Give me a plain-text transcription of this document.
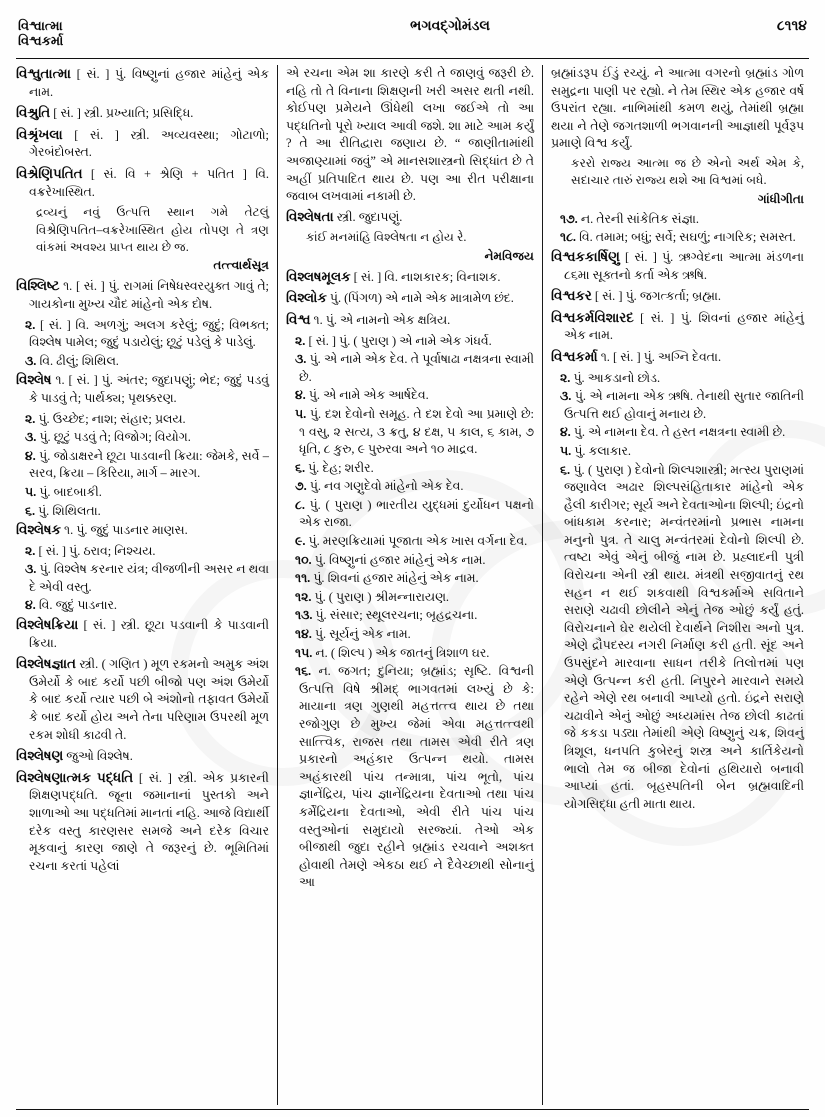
વિશ્વાત્મા
વિશ્વકર્મા
ભગવદ્ગોમંડલ	૮૧૧૪

વિશ્વુતાત્મા [ સં. ] પું. વિષ્ણુનાં હજાર માંહેનું એક નામ.

વિશ્રુતિ [ સં. ] સ્ત્રી. પ્રખ્યાતિ; પ્રસિદ્ધિ.

વિશ્રૃંખલા [ સં. ] સ્ત્રી. અવ્યવસ્થા; ગોટાળો; ગેરબંદોબસ્ત.

વિશ્રેણિપતિત [ સં. વિ + શ્રેણિ + પતિત ] વિ. વક્રરેખાસ્થિત.

દ્રવ્યનું નવું ઉત્પત્તિ સ્થાન ગમે તેટલું વિશ્રેણિપતિત–વક્રરેખાસ્થિત હોય તોપણ તે ત્રણ વાંકમાં અવશ્ય પ્રાપ્ત થાય છે જ.

તત્ત્વાર્થસૂત્ર

વિશ્લિષ્ટ ૧. [ સં. ] પું. રાગમાં નિષેધસ્વરયુક્ત ગાવું તે; ગાયકોના મુખ્ય ચૌદ માંહેનો એક દોષ.

૨. [ સં. ] વિ. અળગું; અલગ કરેલું; જુદું; વિભક્ત; વિશ્લેષ પામેલ; જુદું પડાયેલું; છૂટું પડેલું કે પાડેલું.

૩. વિ. ઢીલું; શિથિલ.

વિશ્લેષ ૧. [ સં. ] પું. અંતર; જુદાપણું; ભેદ; જુદું પડવું કે પાડવું તે; પાર્થક્ય; પૃથક્કરણ.

૨. પું. ઉચ્છેદ; નાશ; સંહાર; પ્રલય.

૩. પું. છૂટું પડવું તે; વિજોગ; વિયોગ.

૪. પું. જોડાક્ષરને છૂટા પાડવાની ક્રિયા: જેમકે, સર્વે – સરવ, ક્રિયા – કિરિયા, માર્ગ – મારગ.

૫. પું. બાદબાકી.

૬. પું. શિથિલતા.

વિશ્લેષક ૧. પું. જુદું પાડનાર માણસ.

૨. [ સં. ] પું. ઠરાવ; નિશ્ચય.

૩. પું. વિશ્લેષ કરનાર યંત્ર; વીજળીની અસર ન થવા દે એવી વસ્તુ.

૪. વિ. જુદું પાડનાર.

વિશ્લેષક્રિયા [ સં. ] સ્ત્રી. છૂટા પડવાની કે પાડવાની ક્રિયા.

વિશ્લેષજ્ઞાત સ્ત્રી. ( ગણિત ) મૂળ રકમનો અમુક અંશ ઉમેર્યો કે બાદ કર્યો પછી બીજો પણ અંશ ઉમેર્યો કે બાદ કર્યો ત્યાર પછી બે અંશોનો તફાવત ઉમેર્યો કે બાદ કર્યો હોય અને તેના પરિણામ ઉપરથી મૂળ રકમ શોધી કાઢવી તે.

વિશ્લેષણ જુઓ વિશ્લેષ.

વિશ્લેષણાત્મક પદ્ધતિ [ સં. ] સ્ત્રી. એક પ્રકારની શિક્ષણપદ્ધતિ. જૂના જમાનાનાં પુસ્તકો અને શાળાઓ આ પદ્ધતિમાં માનતાં નહિ. આજે વિદ્યાર્થી દરેક વસ્તુ કારણસર સમજે અને દરેક વિચાર મૂકવાનું કારણ જાણે તે જરૂરનું છે. ભૂમિતિમાં રચના કરતાં પહેલાં

એ રચના એમ શા કારણે કરી તે જાણવું જરૂરી છે. નહિ તો તે વિનાના શિક્ષણની ખરી અસર થતી નથી. કોઈપણ પ્રમેયને ઊંધેથી લખા જઈએ તો આ પદ્ધતિનો પૂરો ખ્યાલ આવી જશે. શા માટે આમ કર્યું ? તે આ રીતિદ્વારા જણાય છે. “ જાણીતામાંથી અજાણ્યામાં જવું” એ માનસશાસ્ત્રનો સિદ્ધાંત છે તે અહીં પ્રતિપાદિત થાય છે. પણ આ રીત પરીક્ષાના જવાબ લખવામાં નકામી છે.

વિશ્લેષતા સ્ત્રી. જુદાપણું.

કાંઈ મનમાંહિ વિશ્લેષતા ન હોય રે.

નેમવિજય

વિશ્લષમૂલક [ સં. ] વિ. નાશકારક; વિનાશક.

વિશ્લોક પું. (પિંગળ) એ નામે એક માત્રામેળ છંદ.

વિશ્વ ૧. પું. એ નામનો એક ક્ષત્રિય.

૨. [ સં. ] પું. ( પુરાણ ) એ નામે એક ગંધર્વ.

૩. પું. એ નામે એક દેવ. તે પૂર્વાષાઢા નક્ષત્રના સ્વામી છે.

૪. પું. એ નામે એક આર્ષદેવ.

૫. પું. દશ દેવોનો સમૂહ. તે દશ દેવો આ પ્રમાણે છે: ૧ વસુ, ૨ સત્ય, ૩ ક્રતુ, ૪ દક્ષ, ૫ કાલ, ૬ કામ, ૭ ધૃતિ, ૮ કુરુ, ૯ પુરુરવા અને ૧૦ માદ્રવ.

૬. પું. દેહ; શરીર.

૭. પું. નવ ગણુદેવો માંહેનો એક દેવ.

૮. પું. ( પુરાણ ) ભારતીય યુદ્ધમાં દુર્યોધન પક્ષનો એક રાજા.

૯. પું. મરણક્રિયામાં પૂજાતા એક ખાસ વર્ગના દેવ.

૧૦. પું. વિષ્ણુનાં હજાર માંહેનું એક નામ.

૧૧. પું. શિવનાં હજાર માંહેનું એક નામ.

૧૨. પું. ( પુરાણ ) શ્રીમન્નારાયણ.

૧૩. પું. સંસાર; સ્થૂલરચના; બૃહદ્રચના.

૧૪. પું. સૂર્યનું એક નામ.

૧૫. ન. ( શિલ્પ ) એક જાતનું ત્રિશાળ ઘર.

૧૬. ન. જગત; દુનિયા; બ્રહ્માંડ; સૃષ્ટિ. વિશ્વની ઉત્પત્તિ વિષે શ્રીમદ્ ભાગવતમાં લખ્યું છે કે: માયાના ત્રણ ગુણથી મહત્તત્ત્વ થાય છે તથા રજોગુણ છે મુખ્ય જેમાં એવા મહત્તત્ત્વથી સાત્ત્વિક, રાજસ તથા તામસ એવી રીતે ત્રણ પ્રકારનો અહંકાર ઉત્પન્ન થયો. તામસ અહંકારથી પાંચ તન્માત્રા, પાંચ ભૂતો, પાંચ જ્ઞાનેંદ્રિય, પાંચ જ્ઞાનેંદ્રિયના દેવતાઓ તથા પાંચ કર્મેંદ્રિયના દેવતાઓ, એવી રીતે પાંચ પાંચ વસ્તુઓનાં સમુદાયો સરજ્યાં. તેઓ એક બીજાથી જુદા રહીને બ્રહ્માંડ રચવાને અશક્ત હોવાથી તેમણે એકઠા થઈ ને દૈવેચ્છાથી સોનાનું આ

બ્રહ્માંડરૂપ ઈંડું રચ્યું. ને આત્મા વગરનો બ્રહ્માંડ ગોળ સમુદ્રના પાણી પર રહ્યો. ને તેમ સ્થિર એક હજાર વર્ષ ઉપરાંત રહ્યા. નાભિમાંથી કમળ થયું, તેમાંથી બ્રહ્મા થયા ને તેણે જગતશાળી ભગવાનની આજ્ઞાથી પૂર્વરૂપ પ્રમાણે વિશ્વ કર્યું.

કરરો રાજ્ય આત્મા જ છે એનો અર્થ એમ કે, સદાચાર તારું રાજ્ય થશે આ વિશ્વમાં બધે.

ગાંધીગીતા

૧૭. ન. તેરની સાંકેતિક સંજ્ઞા.

૧૮. વિ. તમામ; બધું; સર્વે; સઘળું; નાગરિક; સમસ્ત.

વિશ્વકકાર્ષિણુ [ સં. ] પું. ઋગ્વેદના આત્મા મંડળના ૮૬મા સૂક્તનો કર્તા એક ઋષિ.

વિશ્વકર [ સં. ] પું. જગત્કર્તા; બ્રહ્મા.

વિશ્વકર્મવિશારદ [ સં. ] પું. શિવનાં હજાર માંહેનું એક નામ.

વિશ્વકર્મા ૧. [ સં. ] પું. અગ્નિ દેવતા.

૨. પું. આકડાનો છોડ.

૩. પું. એ નામના એક ઋષિ. તેનાથી સુતાર જાતિની ઉત્પત્તિ થઈ હોવાનું મનાય છે.

૪. પું. એ નામના દેવ. તે હસ્ત નક્ષત્રના સ્વામી છે.

૫. પું. કલાકાર.

૬. પું. ( પુરાણ ) દેવોનો શિલ્પશાસ્ત્રી; મત્સ્ય પુરાણમાં જણાવેલ અઢાર શિલ્પસંહિતાકાર માંહેનો એક હૈલી કારીગર; સૂર્ય અને દેવતાઓના શિલ્પી; ઇંદ્રનો બાંધકામ કરનાર; મન્વંતરમાંનો પ્રભાસ નામના મનુનો પુત્ર. તે ચાલુ મન્વંતરમાં દેવોનો શિલ્પી છે. ત્વષ્ટા એવું એનું બીજું નામ છે. પ્રહ્લાદની પુત્રી વિરોચના એની સ્ત્રી થાય. મંત્રથી સજીવાતનું રથ સહન ન થઈ શકવાથી વિશ્વકર્માએ સવિતાને સરાણે ચઢાવી છોલીને એનું તેજ ઓછું કર્યું હતું. વિરોચનાને ઘેર થયેલી દેવાર્થને નિશીરા અનો પુત્ર. એણે દ્રૌપદસ્ય નગરી નિર્માણ કરી હતી. સૂંદ અને ઉપસુંદને મારવાના સાધન તરીકે તિલોત્તમાં પણ એણે ઉત્પન્ન કરી હતી. નિપુરને મારવાને સમયે રહેને એણે રથ બનાવી આપ્યો હતો. ઇંદ્રને સરાણે ચઢાવીને એનું ઓછું અધ્યમાંસ તેજ છોલી કાઢતાં જે કકડા પડ્યા તેમાંથી એણે વિષ્ણુનું ચક્ર, શિવનું ત્રિશૂલ, ધનપતિ કુબેરનું શસ્ત્ર અને કાર્તિકેયનો ભાલો તેમ જ બીજા દેવોનાં હથિયારો બનાવી આપ્યાં હતાં. બૃહસ્પતિની બેન બ્રહ્મવાદિની યોગસિદ્ધા હતી માતા થાય.
